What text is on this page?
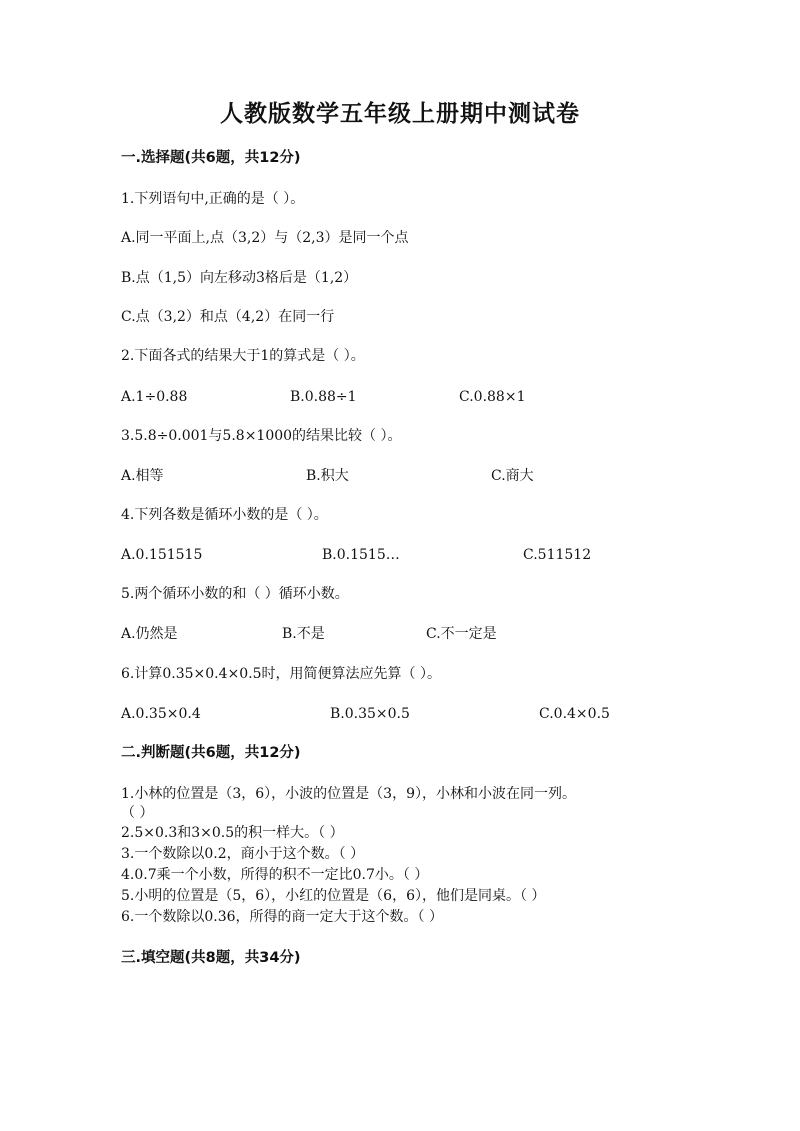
人教版数学五年级上册期中测试卷
一.选择题(共6题，共12分)
1.下列语句中,正确的是（ ）。
A.同一平面上,点（3,2）与（2,3）是同一个点
B.点（1,5）向左移动3格后是（1,2）
C.点（3,2）和点（4,2）在同一行
2.下面各式的结果大于1的算式是（ ）。
A.1÷0.88	B.0.88÷1	C.0.88×1
3.5.8÷0.001与5.8×1000的结果比较（ ）。
A.相等	B.积大	C.商大
4.下列各数是循环小数的是（ ）。
A.0.151515	B.0.1515…	C.511512
5.两个循环小数的和（ ）循环小数。
A.仍然是	B.不是	C.不一定是
6.计算0.35×0.4×0.5时，用简便算法应先算（ ）。
A.0.35×0.4	B.0.35×0.5	C.0.4×0.5
二.判断题(共6题，共12分)
1.小林的位置是（3，6），小波的位置是（3，9），小林和小波在同一列。
（ ）
2.5×0.3和3×0.5的积一样大。（ ）
3.一个数除以0.2，商小于这个数。（ ）
4.0.7乘一个小数，所得的积不一定比0.7小。（ ）
5.小明的位置是（5，6），小红的位置是（6，6），他们是同桌。（ ）
6.一个数除以0.36，所得的商一定大于这个数。（ ）
三.填空题(共8题，共34分)
